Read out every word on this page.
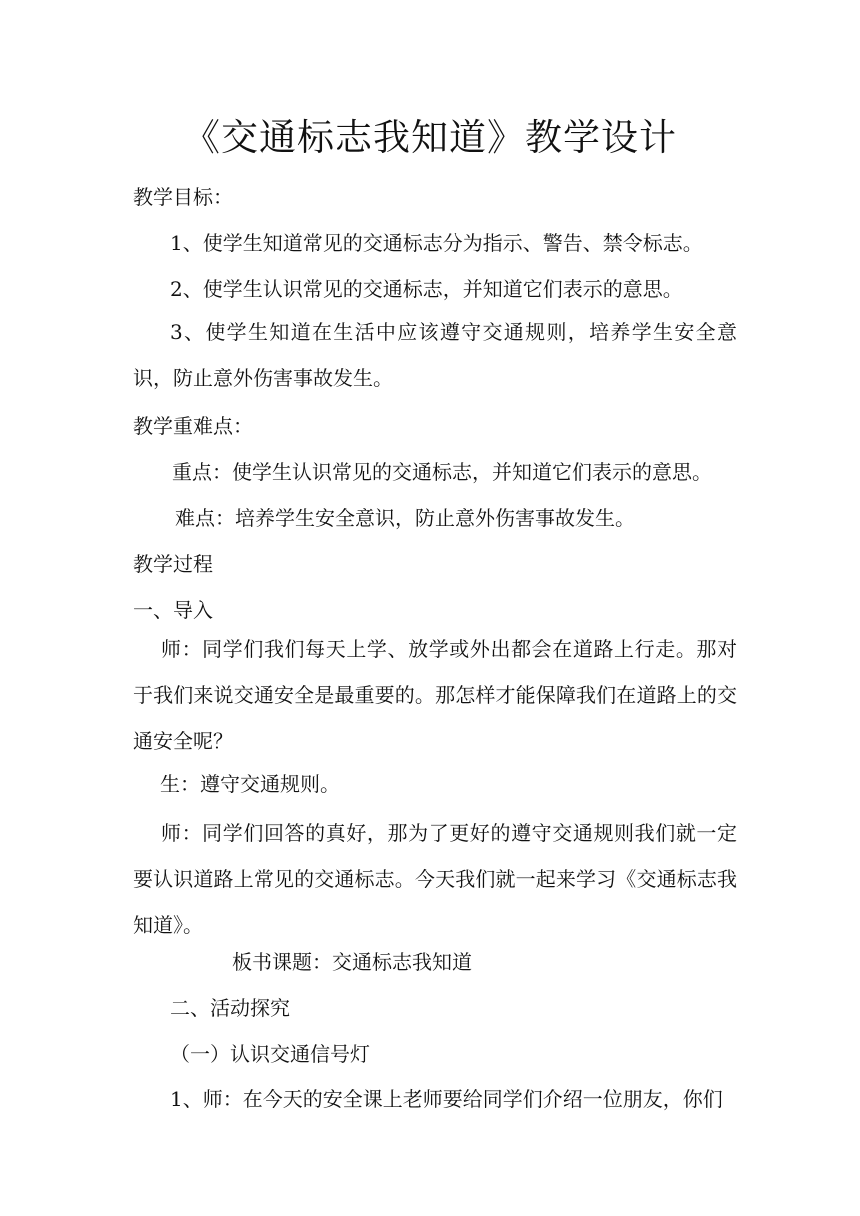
《交通标志我知道》教学设计
教学目标：
1、使学生知道常见的交通标志分为指示、警告、禁令标志。
2、使学生认识常见的交通标志，并知道它们表示的意思。
3、使学生知道在生活中应该遵守交通规则，培养学生安全意识，防止意外伤害事故发生。
教学重难点：
重点：使学生认识常见的交通标志，并知道它们表示的意思。
难点：培养学生安全意识，防止意外伤害事故发生。
教学过程
一、导入
师：同学们我们每天上学、放学或外出都会在道路上行走。那对于我们来说交通安全是最重要的。那怎样才能保障我们在道路上的交通安全呢？
生：遵守交通规则。
师：同学们回答的真好，那为了更好的遵守交通规则我们就一定要认识道路上常见的交通标志。今天我们就一起来学习《交通标志我知道》。
板书课题：交通标志我知道
二、活动探究
（一）认识交通信号灯
1、师：在今天的安全课上老师要给同学们介绍一位朋友，你们
